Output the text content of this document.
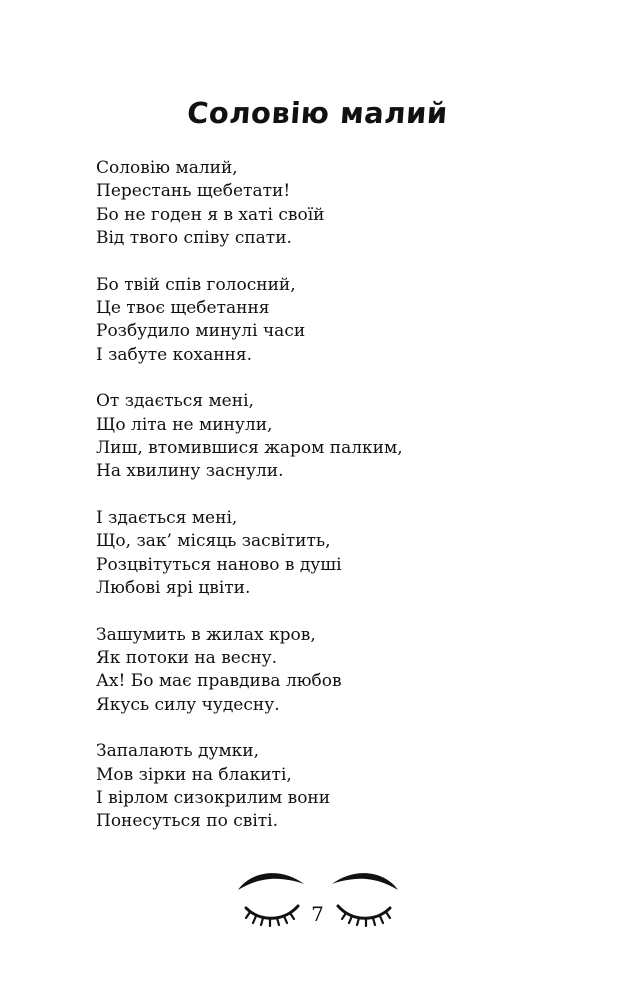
Соловію малий
Соловію малий,
Перестань щебетати!
Бо не годен я в хаті своїй
Від твого співу спати.
Бо твій спів голосний,
Це твоє щебетання
Розбудило минулі часи
І забуте кохання.
От здається мені,
Що літа не минули,
Лиш, втомившися жаром палким,
На хвилину заснули.
І здається мені,
Що, зак’ місяць засвітить,
Розцвітуться наново в душі
Любові ярі цвіти.
Зашумить в жилах кров,
Як потоки на весну.
Ах! Бо має правдива любов
Якусь силу чудесну.
Запалають думки,
Мов зірки на блакиті,
І вірлом сизокрилим вони
Понесуться по світі.
7
